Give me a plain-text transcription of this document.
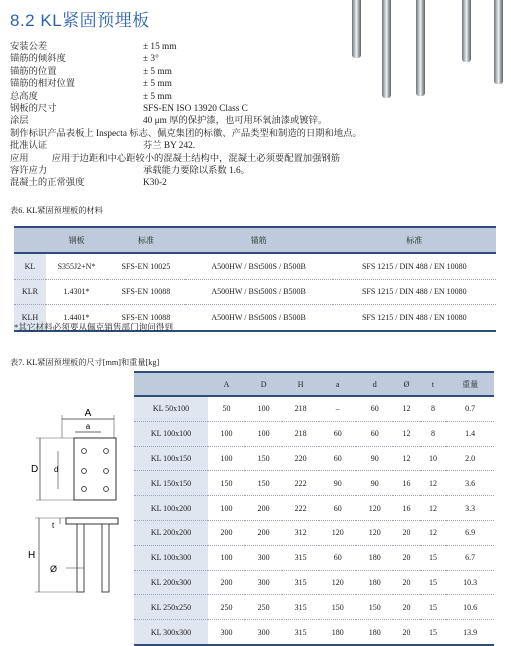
8.2 KL紧固预埋板
安装公差	± 15 mm
锚筋的倾斜度	± 3°
锚筋的位置	± 5 mm
锚筋的相对位置	± 5 mm
总高度	± 5 mm
钢板的尺寸	SFS-EN ISO 13920 Class C
涂层	40 μm 厚的保护漆，也可用环氧油漆或镀锌。
制作标识 产品表板上 Inspecta 标志、佩克集团的标徽、产品类型和制造的日期和地点。
批准认证	芬兰 BY 242.
应用	应用于边距和中心距较小的混凝土结构中，混凝土必须要配置加强钢筋
容许应力	承载能力要除以系数 1.6。
混凝土的正常强度	K30-2
表6. KL紧固预埋板的材料
	钢板	标准	锚筋	标准
KL	S355J2+N*	SFS-EN 10025	A500HW / BSt500S / B500B	SFS 1215 / DIN 488 / EN 10080
KLR	1.4301*	SFS-EN 10088	A500HW / BSt500S / B500B	SFS 1215 / DIN 488 / EN 10080
KLH	1.4401*	SFS-EN 10088	A500HW / BSt500S / B500B	SFS 1215 / DIN 488 / EN 10080
*其它材料必须要从佩克销售部门询问得到
表7. KL紧固预埋板的尺寸[mm]和重量[kg]
	A	D	H	a	d	Ø	t	重量
KL 50x100	50	100	218	–	60	12	8	0.7
KL 100x100	100	100	218	60	60	12	8	1.4
KL 100x150	100	150	220	60	90	12	10	2.0
KL 150x150	150	150	222	90	90	16	12	3.6
KL 100x200	100	200	222	60	120	16	12	3.3
KL 200x200	200	200	312	120	120	20	12	6.9
KL 100x300	100	300	315	60	180	20	15	6.7
KL 200x300	200	300	315	120	180	20	15	10.3
KL 250x250	250	250	315	150	150	20	15	10.6
KL 300x300	300	300	315	180	180	20	15	13.9
A
a
D d
H
t
Ø
